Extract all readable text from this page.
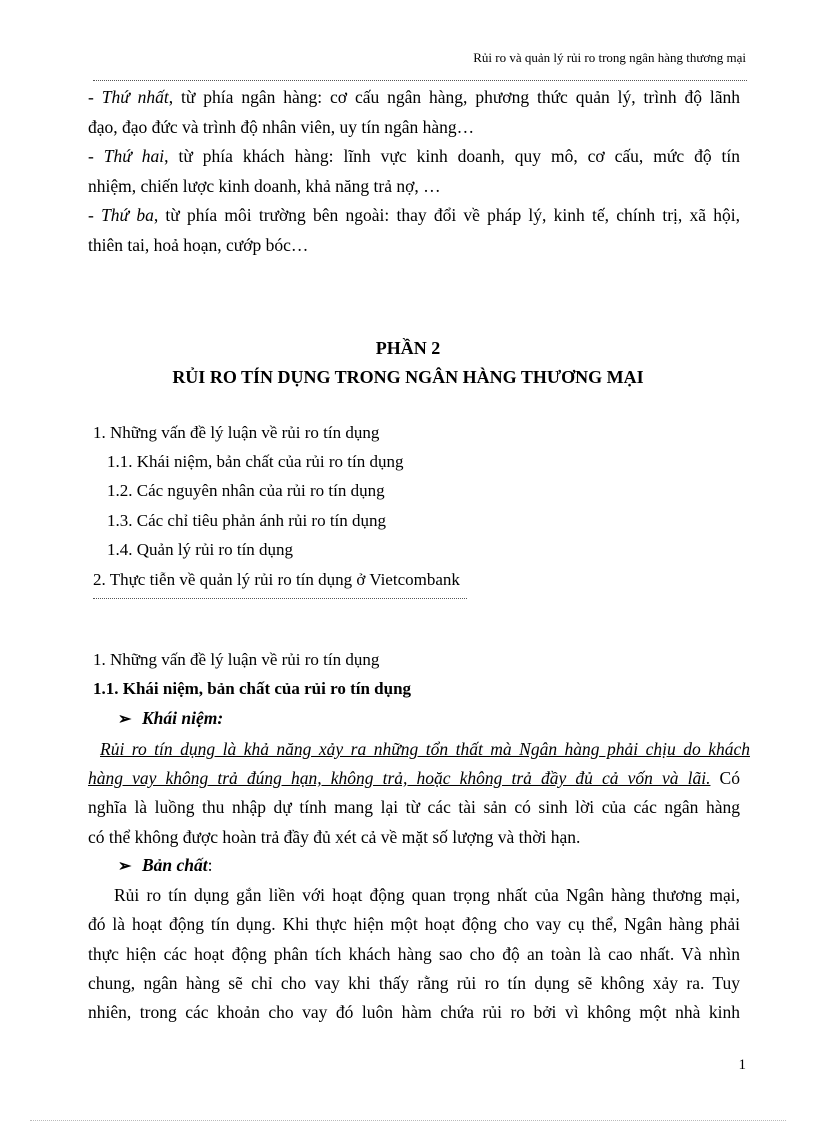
Rủi ro và quản lý rủi ro trong ngân hàng thương mại
- Thứ nhất, từ phía ngân hàng: cơ cấu ngân hàng, phương thức quản lý, trình độ lãnh
đạo, đạo đức và trình độ nhân viên, uy tín ngân hàng…
- Thứ hai, từ phía khách hàng: lĩnh vực kinh doanh, quy mô, cơ cấu, mức độ tín
nhiệm, chiến lược kinh doanh, khả năng trả nợ, …
- Thứ ba, từ phía môi trường bên ngoài: thay đổi về pháp lý, kinh tế, chính trị, xã hội,
thiên tai, hoả hoạn, cướp bóc…
PHẦN 2
RỦI RO TÍN DỤNG TRONG NGÂN HÀNG THƯƠNG MẠI
1. Những vấn đề lý luận về rủi ro tín dụng
1.1. Khái niệm, bản chất của rủi ro tín dụng
1.2. Các nguyên nhân của rủi ro tín dụng
1.3. Các chỉ tiêu phản ánh rủi ro tín dụng
1.4. Quản lý rủi ro tín dụng
2. Thực tiễn về quản lý rủi ro tín dụng ở Vietcombank
1. Những vấn đề lý luận về rủi ro tín dụng
1.1. Khái niệm, bản chất của rủi ro tín dụng
➢ Khái niệm:
Rủi ro tín dụng là khả năng xảy ra những tổn thất mà Ngân hàng phải chịu do khách
hàng vay không trả đúng hạn, không trả, hoặc không trả đầy đủ cả vốn và lãi. Có
nghĩa là luồng thu nhập dự tính mang lại từ các tài sản có sinh lời của các ngân hàng
có thể không được hoàn trả đầy đủ xét cả về mặt số lượng và thời hạn.
➢ Bản chất:
Rủi ro tín dụng gắn liền với hoạt động quan trọng nhất của Ngân hàng thương mại,
đó là hoạt động tín dụng. Khi thực hiện một hoạt động cho vay cụ thể, Ngân hàng phải
thực hiện các hoạt động phân tích khách hàng sao cho độ an toàn là cao nhất. Và nhìn
chung, ngân hàng sẽ chỉ cho vay khi thấy rằng rủi ro tín dụng sẽ không xảy ra. Tuy
nhiên, trong các khoản cho vay đó luôn hàm chứa rủi ro bởi vì không một nhà kinh
1
